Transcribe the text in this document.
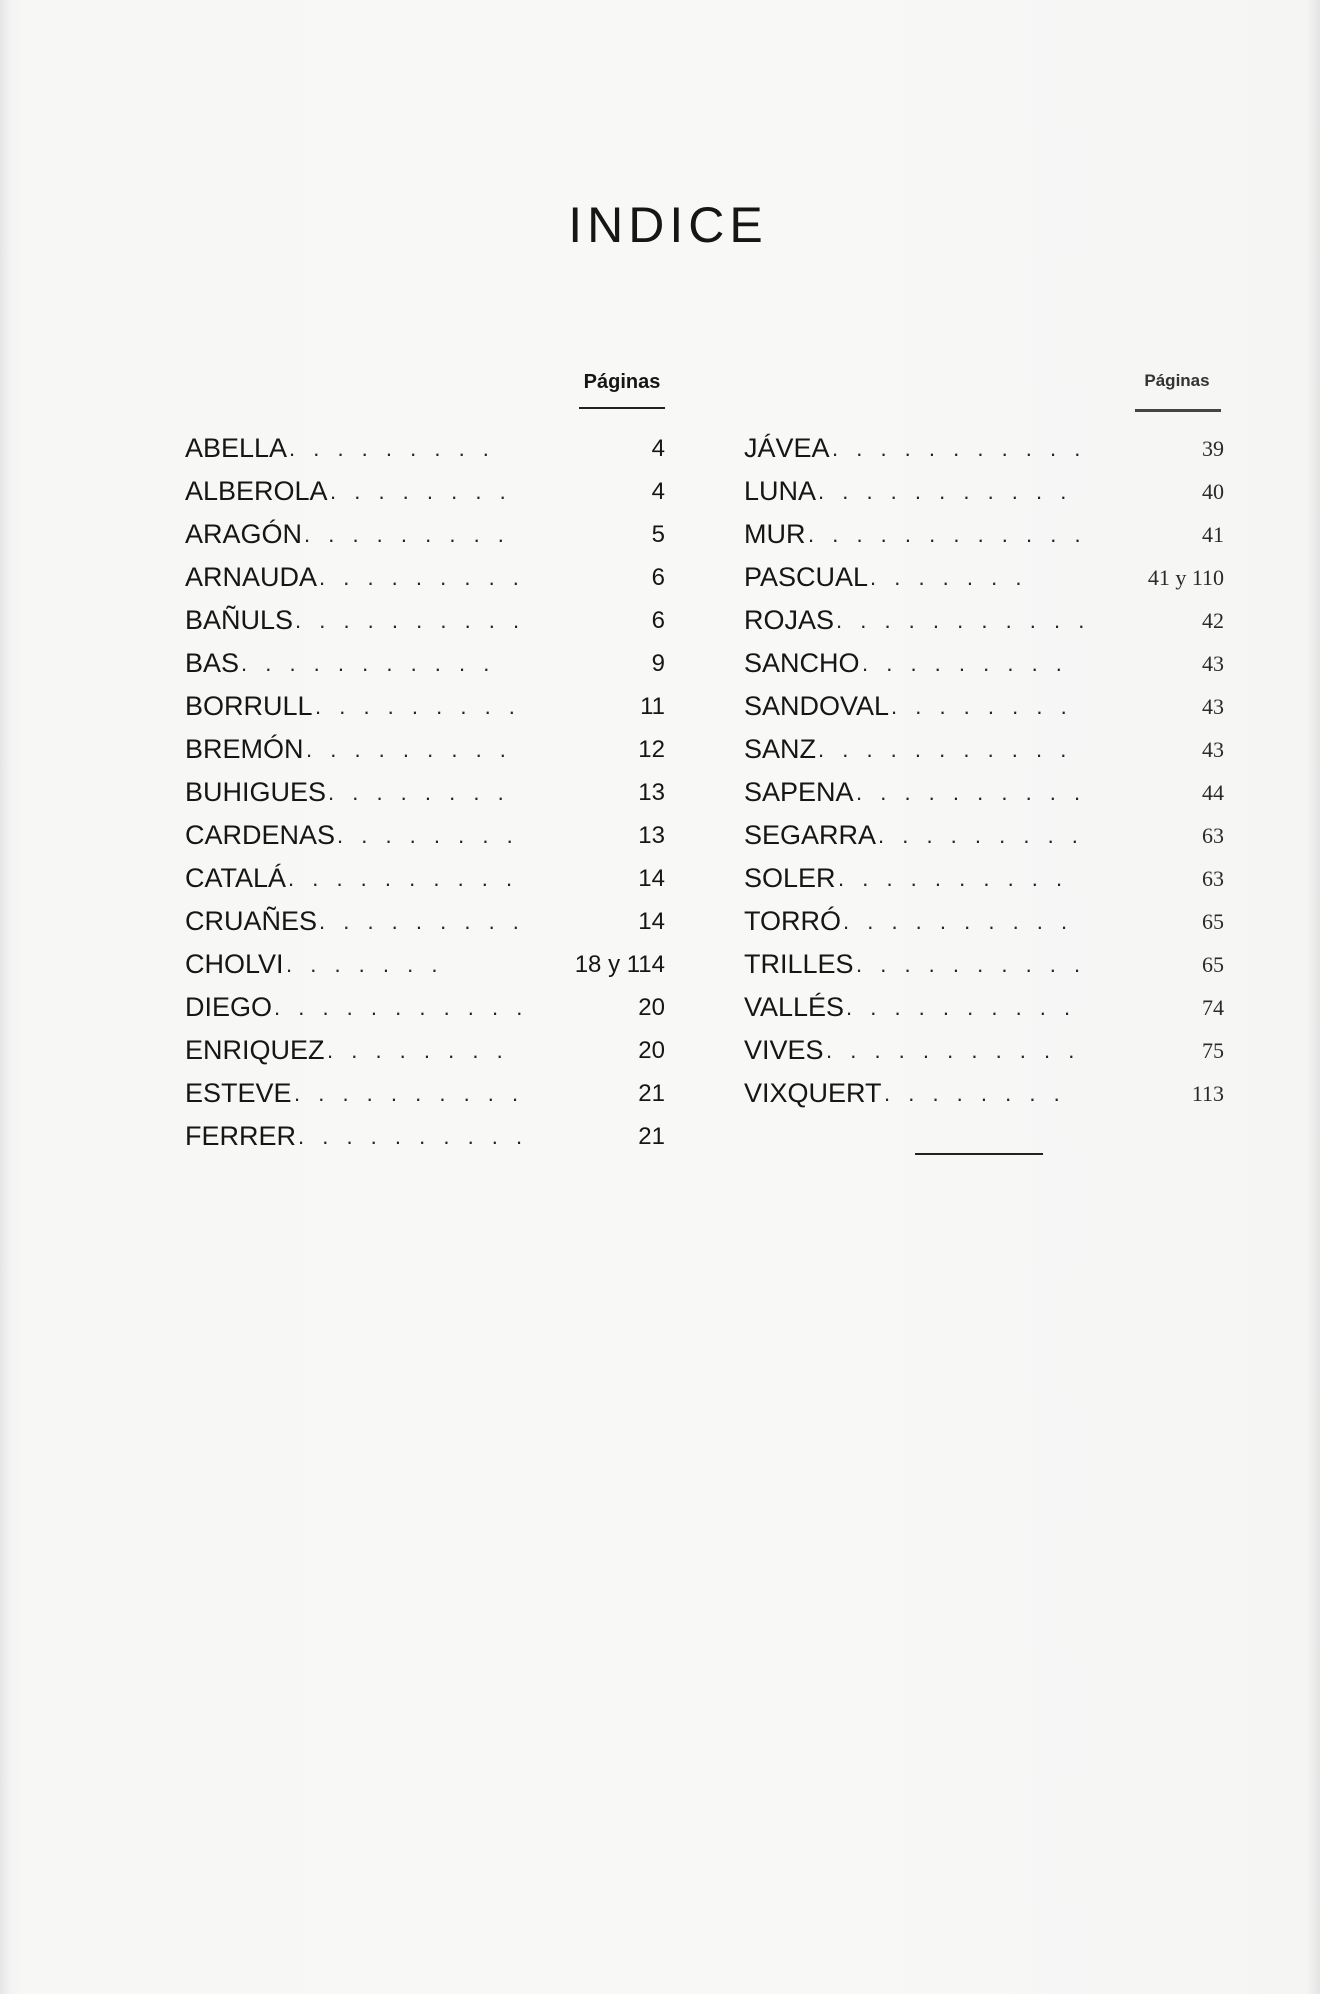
INDICE
Páginas
ABELLA . . . . . . . . .	4
ALBEROLA . . . . . . . .	4
ARAGÓN . . . . . . . . .	5
ARNAUDA . . . . . . . . .	6
BAÑULS . . . . . . . . . .	6
BAS . . . . . . . . . . .	9
BORRULL . . . . . . . . .	11
BREMÓN . . . . . . . . .	12
BUHIGUES . . . . . . . .	13
CARDENAS . . . . . . . .	13
CATALÁ . . . . . . . . . .	14
CRUAÑES . . . . . . . . .	14
CHOLVI . . . . . . .	18 y 114
DIEGO . . . . . . . . . . .	20
ENRIQUEZ . . . . . . . .	20
ESTEVE . . . . . . . . . .	21
FERRER . . . . . . . . . .	21
Páginas
JÁVEA . . . . . . . . . . .	39
LUNA . . . . . . . . . . .	40
MUR . . . . . . . . . . . .	41
PASCUAL . . . . . . .	41 y 110
ROJAS . . . . . . . . . . .	42
SANCHO . . . . . . . . .	43
SANDOVAL . . . . . . . .	43
SANZ . . . . . . . . . . .	43
SAPENA . . . . . . . . . .	44
SEGARRA . . . . . . . . .	63
SOLER . . . . . . . . . .	63
TORRÓ . . . . . . . . . .	65
TRILLES . . . . . . . . . .	65
VALLÉS . . . . . . . . . .	74
VIVES . . . . . . . . . . .	75
VIXQUERT . . . . . . . .	113
